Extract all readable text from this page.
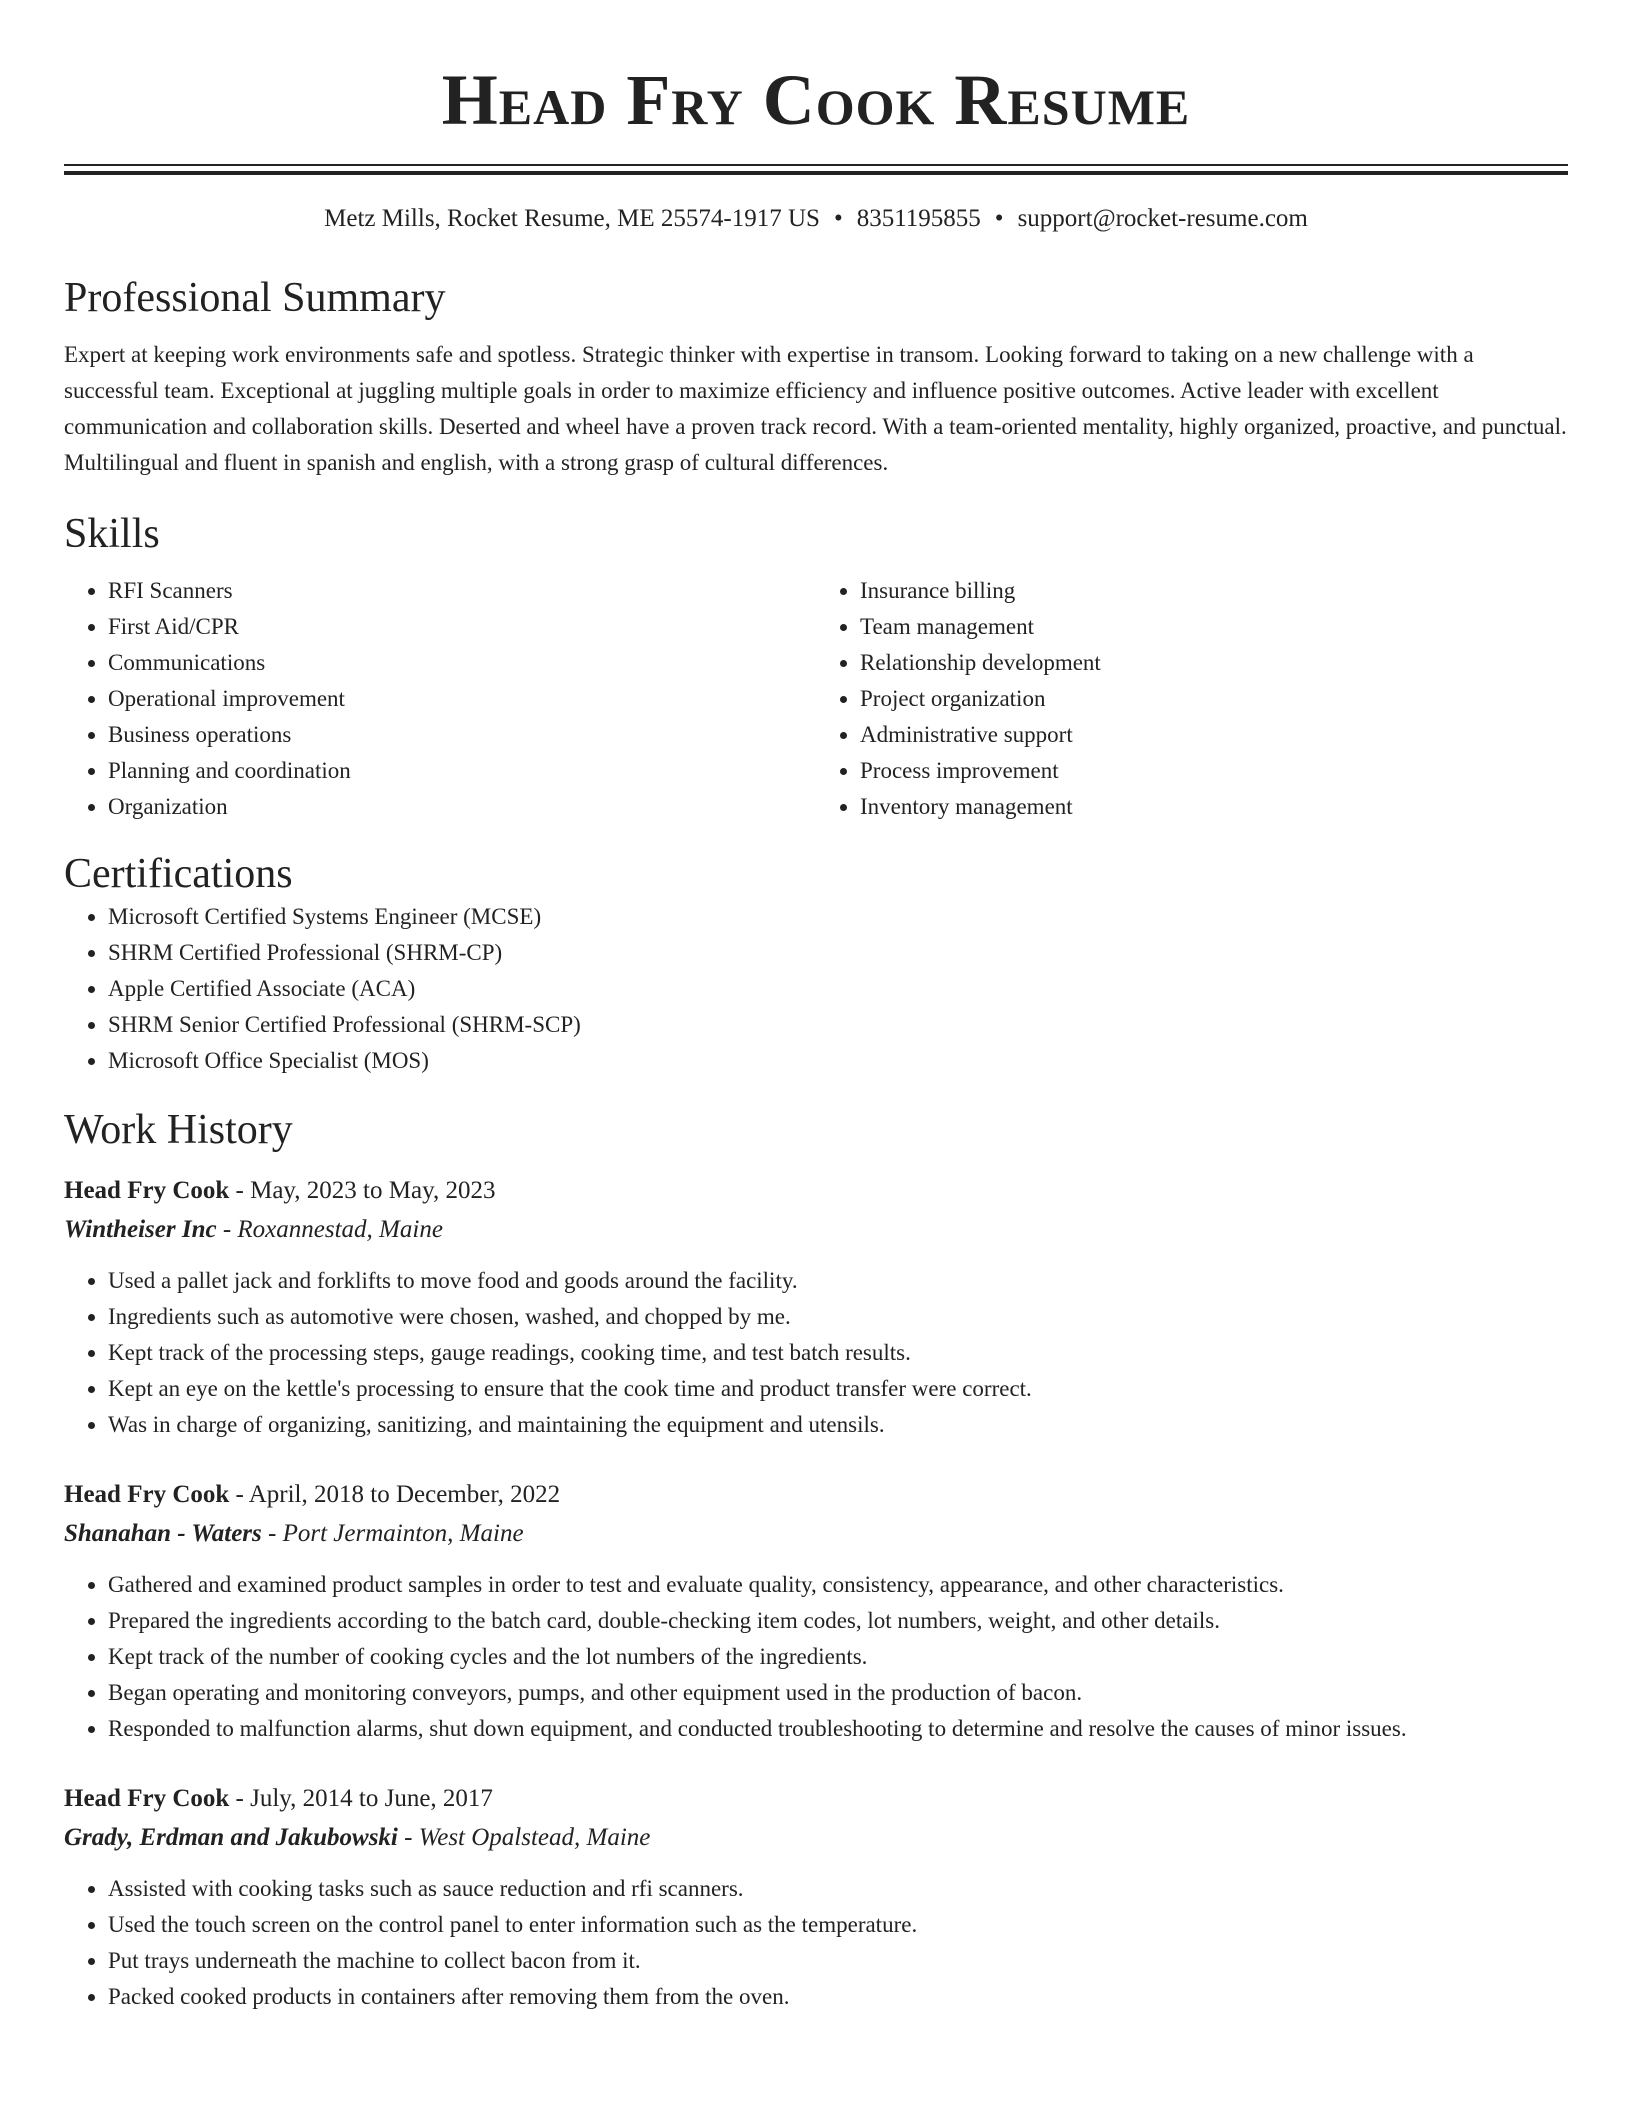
Head Fry Cook Resume
Metz Mills, Rocket Resume, ME 25574-1917 US • 8351195855 • support@rocket-resume.com
Professional Summary

Expert at keeping work environments safe and spotless. Strategic thinker with expertise in transom. Looking forward to taking on a new challenge with a successful team. Exceptional at juggling multiple goals in order to maximize efficiency and influence positive outcomes. Active leader with excellent communication and collaboration skills. Deserted and wheel have a proven track record. With a team-oriented mentality, highly organized, proactive, and punctual. Multilingual and fluent in spanish and english, with a strong grasp of cultural differences.

Skills
• RFI Scanners
• First Aid/CPR
• Communications
• Operational improvement
• Business operations
• Planning and coordination
• Organization
• Insurance billing
• Team management
• Relationship development
• Project organization
• Administrative support
• Process improvement
• Inventory management
Certifications
• Microsoft Certified Systems Engineer (MCSE)
• SHRM Certified Professional (SHRM-CP)
• Apple Certified Associate (ACA)
• SHRM Senior Certified Professional (SHRM-SCP)
• Microsoft Office Specialist (MOS)
Work History
Head Fry Cook - May, 2023 to May, 2023
Wintheiser Inc - Roxannestad, Maine
• Used a pallet jack and forklifts to move food and goods around the facility.
• Ingredients such as automotive were chosen, washed, and chopped by me.
• Kept track of the processing steps, gauge readings, cooking time, and test batch results.
• Kept an eye on the kettle's processing to ensure that the cook time and product transfer were correct.
• Was in charge of organizing, sanitizing, and maintaining the equipment and utensils.
Head Fry Cook - April, 2018 to December, 2022
Shanahan - Waters - Port Jermainton, Maine
• Gathered and examined product samples in order to test and evaluate quality, consistency, appearance, and other characteristics.
• Prepared the ingredients according to the batch card, double-checking item codes, lot numbers, weight, and other details.
• Kept track of the number of cooking cycles and the lot numbers of the ingredients.
• Began operating and monitoring conveyors, pumps, and other equipment used in the production of bacon.
• Responded to malfunction alarms, shut down equipment, and conducted troubleshooting to determine and resolve the causes of minor issues.
Head Fry Cook - July, 2014 to June, 2017
Grady, Erdman and Jakubowski - West Opalstead, Maine
• Assisted with cooking tasks such as sauce reduction and rfi scanners.
• Used the touch screen on the control panel to enter information such as the temperature.
• Put trays underneath the machine to collect bacon from it.
• Packed cooked products in containers after removing them from the oven.
